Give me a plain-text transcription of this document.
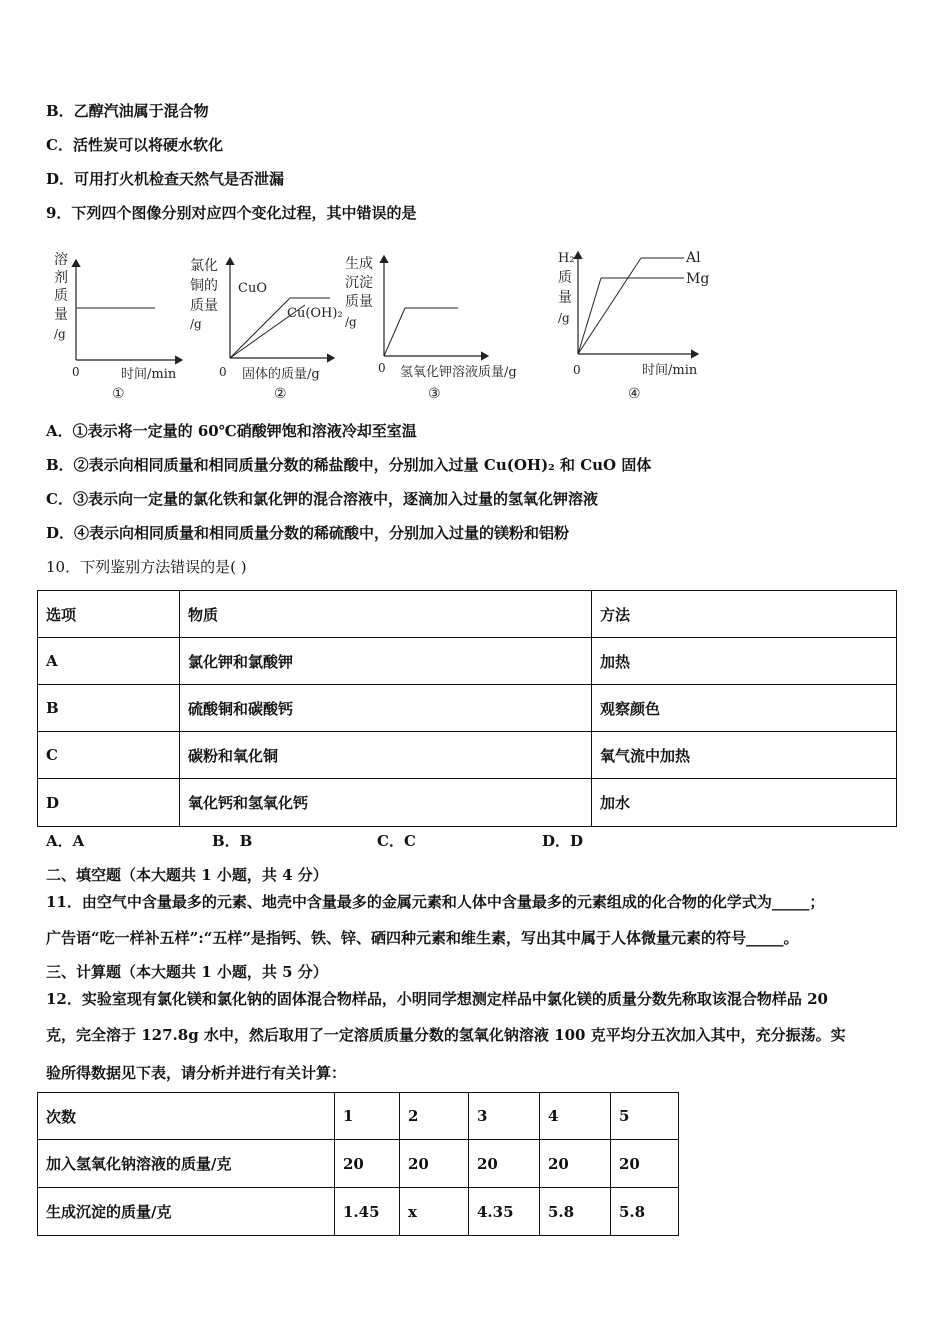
B．乙醇汽油属于混合物
C．活性炭可以将硬水软化
D．可用打火机检查天然气是否泄漏
9．下列四个图像分别对应四个变化过程，其中错误的是
溶
剂
质
量
/g
0	时间/min
①
氯化
铜的
质量
/g
CuO
Cu(OH)₂
0 固体的质量/g
②
生成
沉淀
质量
/g
0 氢氧化钾溶液质量/g
③
H₂
质
量
/g
Al
Mg
0	时间/min
④
A．①表示将一定量的 60℃硝酸钾饱和溶液冷却至室温
B．②表示向相同质量和相同质量分数的稀盐酸中，分别加入过量 Cu(OH)₂ 和 CuO 固体
C．③表示向一定量的氯化铁和氯化钾的混合溶液中，逐滴加入过量的氢氧化钾溶液
D．④表示向相同质量和相同质量分数的稀硫酸中，分别加入过量的镁粉和铝粉
10．下列鉴别方法错误的是( )
选项	物质	方法
A	氯化钾和氯酸钾	加热
B	硫酸铜和碳酸钙	观察颜色
C	碳粉和氧化铜	氧气流中加热
D	氧化钙和氢氧化钙	加水
A．A	B．B	C．C	D．D
二、填空题（本大题共 1 小题，共 4 分）
11．由空气中含量最多的元素、地壳中含量最多的金属元素和人体中含量最多的元素组成的化合物的化学式为_____；
广告语“吃一样补五样”:“五样”是指钙、铁、锌、硒四种元素和维生素，写出其中属于人体微量元素的符号_____。
三、计算题（本大题共 1 小题，共 5 分）
12．实验室现有氯化镁和氯化钠的固体混合物样品，小明同学想测定样品中氯化镁的质量分数先称取该混合物样品 20
克，完全溶于 127.8g 水中，然后取用了一定溶质质量分数的氢氧化钠溶液 100 克平均分五次加入其中，充分振荡。实
验所得数据见下表，请分析并进行有关计算：
次数	1	2	3	4	5
加入氢氧化钠溶液的质量/克	20	20	20	20	20
生成沉淀的质量/克	1.45	x	4.35	5.8	5.8
